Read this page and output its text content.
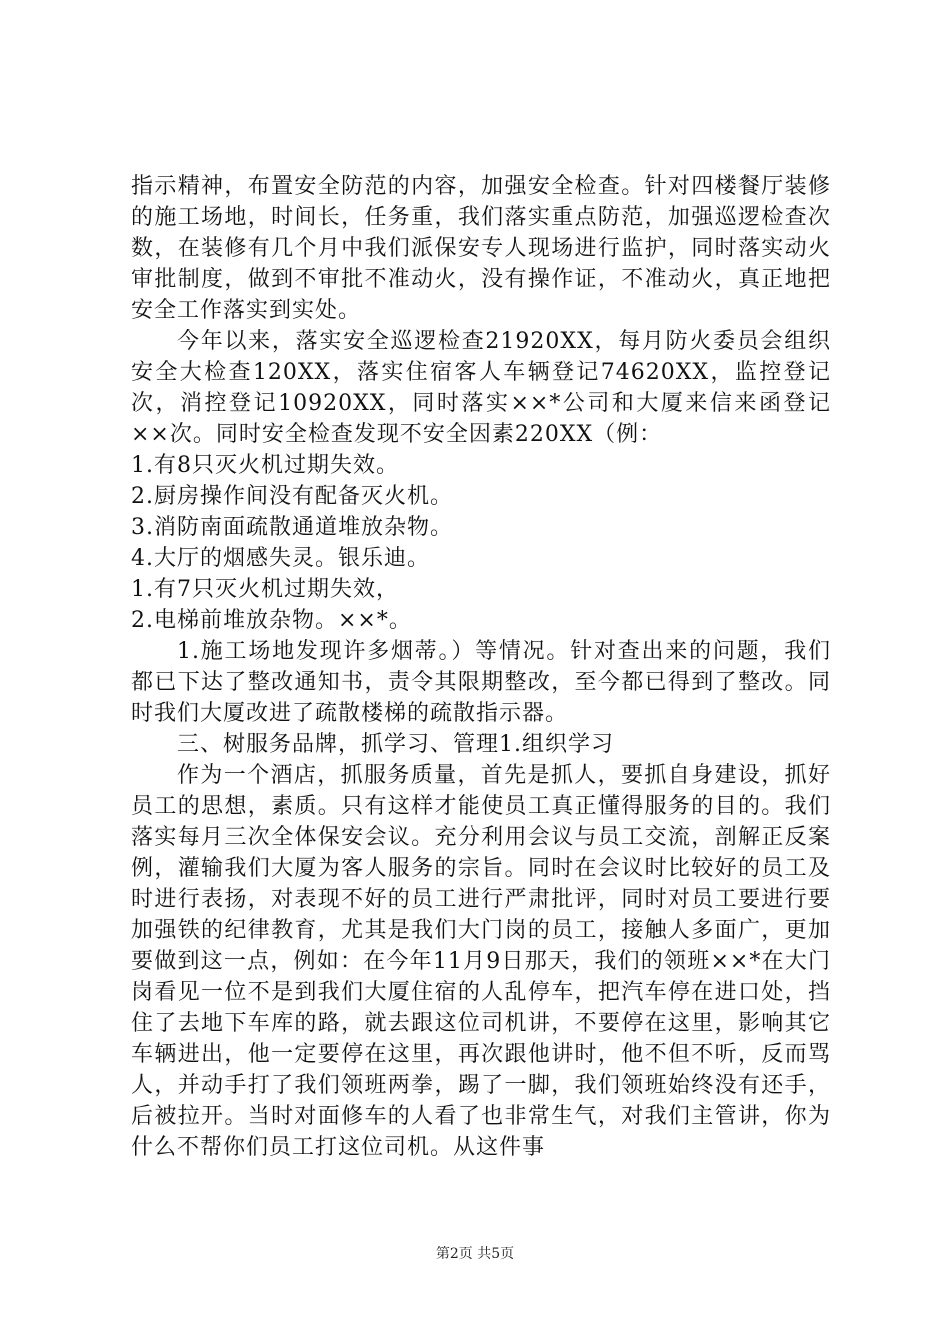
指示精神，布置安全防范的内容，加强安全检查。针对四楼餐厅装修的施工场地，时间长，任务重，我们落实重点防范，加强巡逻检查次数，在装修有几个月中我们派保安专人现场进行监护，同时落实动火审批制度，做到不审批不准动火，没有操作证，不准动火，真正地把安全工作落实到实处。

今年以来，落实安全巡逻检查21920XX，每月防火委员会组织安全大检查120XX，落实住宿客人车辆登记74620XX，监控登记次，消控登记10920XX，同时落实××*公司和大厦来信来函登记××次。同时安全检查发现不安全因素220XX（例：

1.有8只灭火机过期失效。

2.厨房操作间没有配备灭火机。

3.消防南面疏散通道堆放杂物。

4.大厅的烟感失灵。银乐迪。

1.有7只灭火机过期失效，

2.电梯前堆放杂物。××*。

1.施工场地发现许多烟蒂。）等情况。针对查出来的问题，我们都已下达了整改通知书，责令其限期整改，至今都已得到了整改。同时我们大厦改进了疏散楼梯的疏散指示器。

三、树服务品牌，抓学习、管理1.组织学习

作为一个酒店，抓服务质量，首先是抓人，要抓自身建设，抓好员工的思想，素质。只有这样才能使员工真正懂得服务的目的。我们落实每月三次全体保安会议。充分利用会议与员工交流，剖解正反案例，灌输我们大厦为客人服务的宗旨。同时在会议时比较好的员工及时进行表扬，对表现不好的员工进行严肃批评，同时对员工要进行要加强铁的纪律教育，尤其是我们大门岗的员工，接触人多面广，更加要做到这一点，例如：在今年11月9日那天，我们的领班××*在大门岗看见一位不是到我们大厦住宿的人乱停车，把汽车停在进口处，挡住了去地下车库的路，就去跟这位司机讲，不要停在这里，影响其它车辆进出，他一定要停在这里，再次跟他讲时，他不但不听，反而骂人，并动手打了我们领班两拳，踢了一脚，我们领班始终没有还手，后被拉开。当时对面修车的人看了也非常生气，对我们主管讲，你为什么不帮你们员工打这位司机。从这件事

第2页 共5页
